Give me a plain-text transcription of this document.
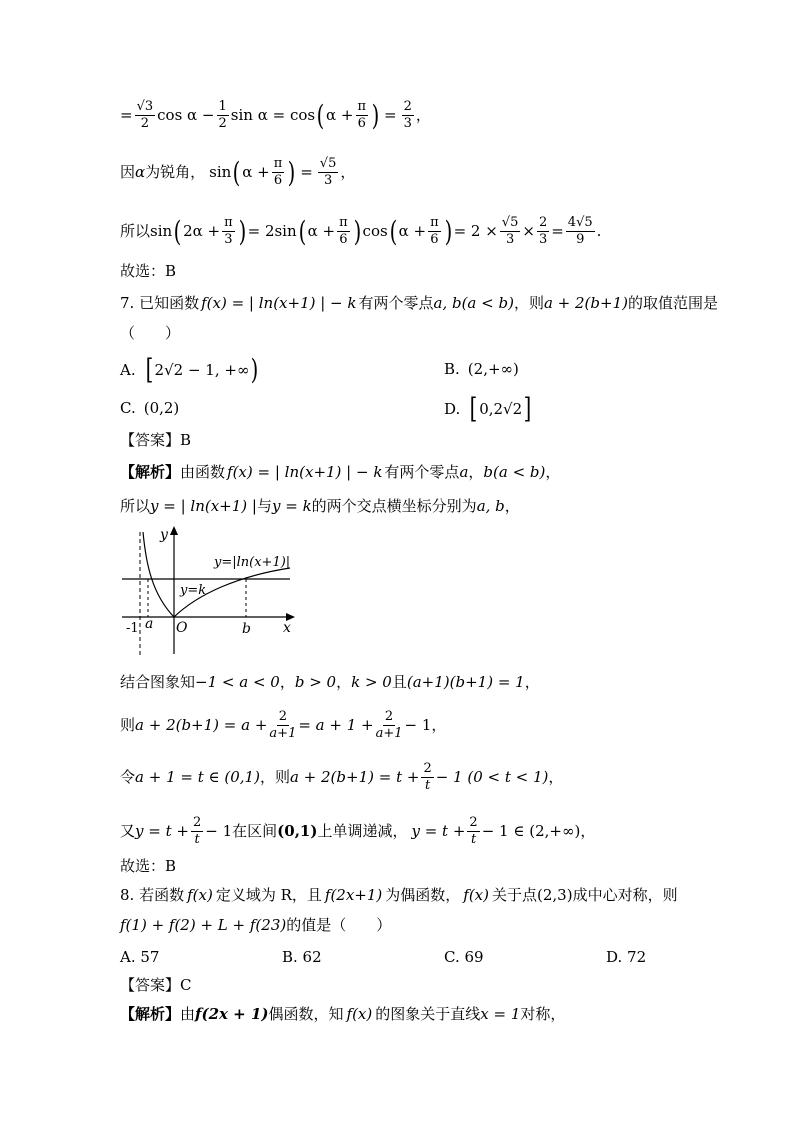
= $\frac{√3}{2}$ $\cos \alpha - \frac{1}{2}$ sin α = cos ( $\alpha + \frac{\pi}{6}$ ) = $\frac{2}{3}$ ，
因 α 为锐角， sin ( $\alpha + \frac{\pi}{6}$ ) = $\frac{√5}{3}$ ，
所以 sin ( $2\alpha + \frac{\pi}{3}$ ) = 2sin ( $\alpha + \frac{\pi}{6}$ ) cos ( $\alpha + \frac{\pi}{6}$ ) = $2 \times \frac{√5}{3} \times \frac{2}{3} = \frac{4√5}{9}$ .
故选：B
7. 已知函数 f(x) = | ln(x+1) | − k 有两个零点 a, b(a < b) ，则 a + 2(b+1) 的取值范围是
（　　）
A. [ 2√2 − 1, +∞ )	B. (2,+∞)
C. (0,2)	D. [ 0,2√2 ]
【答案】B
【解析】 由函数 f(x) = | ln(x+1) | − k 有两个零点 a ， b(a < b) ，
所以 y = | ln(x+1) | 与 y = k 的两个交点横坐标分别为 a, b ，
y
x
O
y=|ln(x+1)|
y=k
-1 a	b
结合图象知 −1 < a < 0 ， b > 0 ， k > 0 且 (a+1)(b+1) = 1 ，
则 $a + 2(b+1) = a + \frac{2}{a+1} = a + 1 + \frac{2}{a+1} - 1$ ，
令 a + 1 = t ∈ (0,1) ，则 $a + 2(b+1) = t + \frac{2}{t} - 1$ (0 < t < 1) ，
又 $y = t + \frac{2}{t} - 1$ 在区间 (0,1) 上单调递减， $y = t + \frac{2}{t} - 1$ ∈ (2,+∞) ，
故选：B
8. 若函数 f(x) 定义域为 R，且 f(2x+1) 为偶函数， f(x) 关于点 (2,3) 成中心对称，则
f(1) + f(2) + L + f(23) 的值是（　　）
A. 57	B. 62	C. 69	D. 72
【答案】C
【解析】 由 f(2x + 1) 偶函数，知 f(x) 的图象关于直线 x = 1 对称，
